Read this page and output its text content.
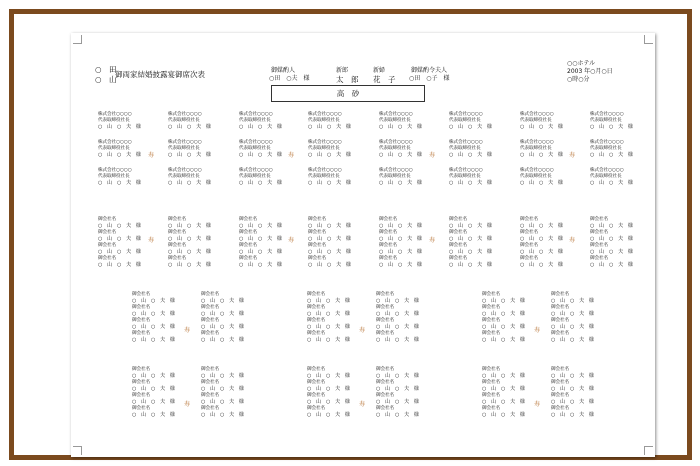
○　田
○　山
御両家結婚披露宴御席次表	御媒酌人
○田　○夫　様
新郎
太　郎
新婦
花　子
御媒酌令夫人
○田　○子　様
○○ホテル
2003 年○月○日
○時○分
高　砂
株式会社○○○○
代表取締役社長
○　山　○　夫　様
株式会社○○○○
代表取締役社長
○　山　○　夫　様
株式会社○○○○
代表取締役社長
○　山　○　夫　様
株式会社○○○○
代表取締役社長
○　山　○　夫　様
株式会社○○○○
代表取締役社長
○　山　○　夫　様
株式会社○○○○
代表取締役社長
○　山　○　夫　様
株式会社○○○○
代表取締役社長
○　山　○　夫　様
株式会社○○○○
代表取締役社長
○　山　○　夫　様
株式会社○○○○
代表取締役社長
○　山　○　夫　様
株式会社○○○○
代表取締役社長
○　山　○　夫　様
株式会社○○○○
代表取締役社長
○　山　○　夫　様
株式会社○○○○
代表取締役社長
○　山　○　夫　様
株式会社○○○○
代表取締役社長
○　山　○　夫　様
株式会社○○○○
代表取締役社長
○　山　○　夫　様
株式会社○○○○
代表取締役社長
○　山　○　夫　様
株式会社○○○○
代表取締役社長
○　山　○　夫　様
株式会社○○○○
代表取締役社長
○　山　○　夫　様
株式会社○○○○
代表取締役社長
○　山　○　夫　様
株式会社○○○○
代表取締役社長
○　山　○　夫　様
株式会社○○○○
代表取締役社長
○　山　○　夫　様
株式会社○○○○
代表取締役社長
○　山　○　夫　様
株式会社○○○○
代表取締役社長
○　山　○　夫　様
株式会社○○○○
代表取締役社長
○　山　○　夫　様
株式会社○○○○
代表取締役社長
○　山　○　夫　様
御会社名
○　山　○　夫　様
御会社名
○　山　○　夫　様
御会社名
○　山　○　夫　様
御会社名
○　山　○　夫　様
御会社名
○　山　○　夫　様
御会社名
○　山　○　夫　様
御会社名
○　山　○　夫　様
御会社名
○　山　○　夫　様
御会社名
○　山　○　夫　様
御会社名
○　山　○　夫　様
御会社名
○　山　○　夫　様
御会社名
○　山　○　夫　様
御会社名
○　山　○　夫　様
御会社名
○　山　○　夫　様
御会社名
○　山　○　夫　様
御会社名
○　山　○　夫　様
御会社名
○　山　○　夫　様
御会社名
○　山　○　夫　様
御会社名
○　山　○　夫　様
御会社名
○　山　○　夫　様
御会社名
○　山　○　夫　様
御会社名
○　山　○　夫　様
御会社名
○　山　○　夫　様
御会社名
○　山　○　夫　様
御会社名
○　山　○　夫　様
御会社名
○　山　○　夫　様
御会社名
○　山　○　夫　様
御会社名
○　山　○　夫　様
御会社名
○　山　○　夫　様
御会社名
○　山　○　夫　様
御会社名
○　山　○　夫　様
御会社名
○　山　○　夫　様
寿	寿	寿	寿
寿	寿	寿	寿
御会社名
○　山　○　夫　様
御会社名
○　山　○　夫　様
御会社名
○　山　○　夫　様
御会社名
○　山　○　夫　様
御会社名
○　山　○　夫　様
御会社名
○　山　○　夫　様
御会社名
○　山　○　夫　様
御会社名
○　山　○　夫　様
御会社名
○　山　○　夫　様
御会社名
○　山　○　夫　様
御会社名
○　山　○　夫　様
御会社名
○　山　○　夫　様
御会社名
○　山　○　夫　様
御会社名
○　山　○　夫　様
御会社名
○　山　○　夫　様
御会社名
○　山　○　夫　様
御会社名
○　山　○　夫　様
御会社名
○　山　○　夫　様
御会社名
○　山　○　夫　様
御会社名
○　山　○　夫　様
御会社名
○　山　○　夫　様
御会社名
○　山　○　夫　様
御会社名
○　山　○　夫　様
御会社名
○　山　○　夫　様
御会社名
○　山　○　夫　様
御会社名
○　山　○　夫　様
御会社名
○　山　○　夫　様
御会社名
○　山　○　夫　様
御会社名
○　山　○　夫　様
御会社名
○　山　○　夫　様
御会社名
○　山　○　夫　様
御会社名
○　山　○　夫　様
御会社名
○　山　○　夫　様
御会社名
○　山　○　夫　様
御会社名
○　山　○　夫　様
御会社名
○　山　○　夫　様
御会社名
○　山　○　夫　様
御会社名
○　山　○　夫　様
御会社名
○　山　○　夫　様
御会社名
○　山　○　夫　様
御会社名
○　山　○　夫　様
御会社名
○　山　○　夫　様
御会社名
○　山　○　夫　様
御会社名
○　山　○　夫　様
御会社名
○　山　○　夫　様
御会社名
○　山　○　夫　様
御会社名
○　山　○　夫　様
御会社名
○　山　○　夫　様
寿	寿	寿
寿	寿	寿
